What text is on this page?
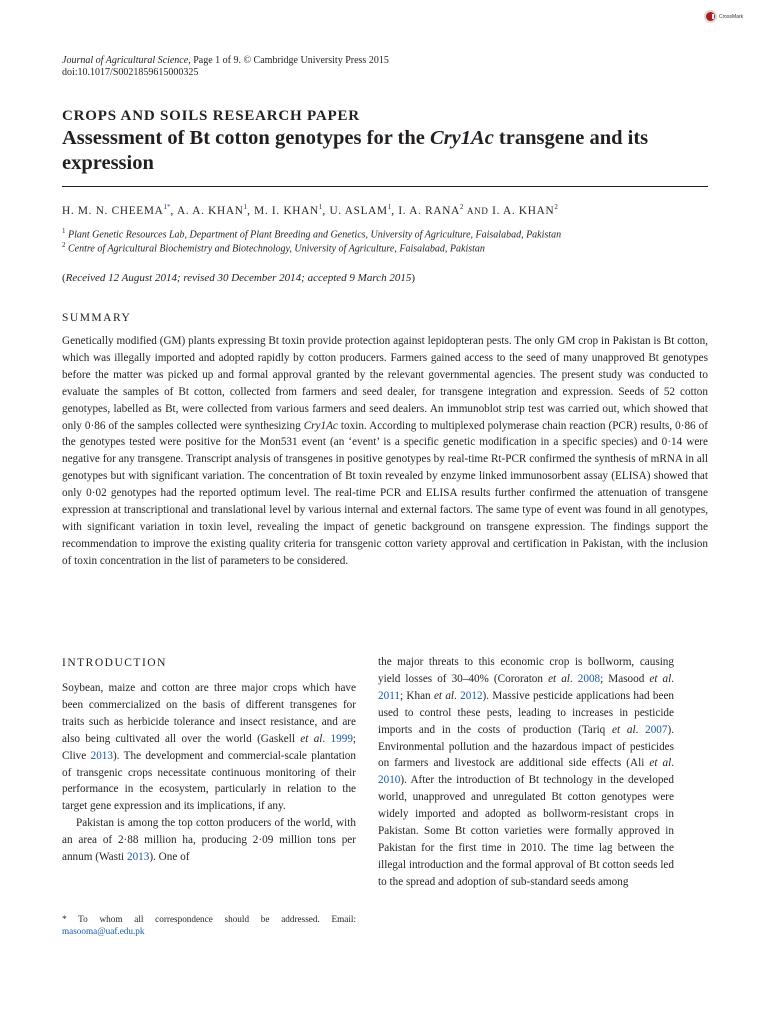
CrossMark
Journal of Agricultural Science, Page 1 of 9. © Cambridge University Press 2015
doi:10.1017/S0021859615000325
CROPS AND SOILS RESEARCH PAPER
Assessment of Bt cotton genotypes for the Cry1Ac transgene and its expression
H. M. N. CHEEMA$^{1*}$, A. A. KHAN$^1$, M. I. KHAN$^1$, U. ASLAM$^1$, I. A. RANA$^2$ AND I. A. KHAN$^2$
$^1$ Plant Genetic Resources Lab, Department of Plant Breeding and Genetics, University of Agriculture, Faisalabad, Pakistan
$^2$ Centre of Agricultural Biochemistry and Biotechnology, University of Agriculture, Faisalabad, Pakistan
(Received 12 August 2014; revised 30 December 2014; accepted 9 March 2015)
SUMMARY

Genetically modified (GM) plants expressing Bt toxin provide protection against lepidopteran pests. The only GM crop in Pakistan is Bt cotton, which was illegally imported and adopted rapidly by cotton producers. Farmers gained access to the seed of many unapproved Bt genotypes before the matter was picked up and formal approval granted by the relevant governmental agencies. The present study was conducted to evaluate the samples of Bt cotton, collected from farmers and seed dealer, for transgene integration and expression. Seeds of 52 cotton genotypes, labelled as Bt, were collected from various farmers and seed dealers. An immunoblot strip test was carried out, which showed that only 0·86 of the samples collected were synthesizing Cry1Ac toxin. According to multiplexed polymerase chain reaction (PCR) results, 0·86 of the genotypes tested were positive for the Mon531 event (an ‘event’ is a specific genetic modification in a specific species) and 0·14 were negative for any transgene. Transcript analysis of transgenes in positive genotypes by real-time Rt-PCR confirmed the synthesis of mRNA in all genotypes but with significant variation. The concentration of Bt toxin revealed by enzyme linked immunosorbent assay (ELISA) showed that only 0·02 genotypes had the reported optimum level. The real-time PCR and ELISA results further confirmed the attenuation of transgene expression at transcriptional and translational level by various internal and external factors. The same type of event was found in all genotypes, with significant variation in toxin level, revealing the impact of genetic background on transgene expression. The findings support the recommendation to improve the existing quality criteria for transgenic cotton variety approval and certification in Pakistan, with the inclusion of toxin concentration in the list of parameters to be considered.

INTRODUCTION

Soybean, maize and cotton are three major crops which have been commercialized on the basis of different transgenes for traits such as herbicide tolerance and insect resistance, and are also being cultivated all over the world (Gaskell et al. 1999; Clive 2013). The development and commercial-scale plantation of transgenic crops necessitate continuous monitoring of their performance in the ecosystem, particularly in relation to the target gene expression and its implications, if any.

Pakistan is among the top cotton producers of the world, with an area of 2·88 million ha, producing 2·09 million tons per annum (Wasti 2013). One of

the major threats to this economic crop is bollworm, causing yield losses of 30–40% (Cororaton et al. 2008; Masood et al. 2011; Khan et al. 2012). Massive pesticide applications had been used to control these pests, leading to increases in pesticide imports and in the costs of production (Tariq et al. 2007). Environmental pollution and the hazardous impact of pesticides on farmers and livestock are additional side effects (Ali et al. 2010). After the introduction of Bt technology in the developed world, unapproved and unregulated Bt cotton genotypes were widely imported and adopted as bollworm-resistant crops in Pakistan. Some Bt cotton varieties were formally approved in Pakistan for the first time in 2010. The time lag between the illegal introduction and the formal approval of Bt cotton seeds led to the spread and adoption of sub-standard seeds among

* To whom all correspondence should be addressed. Email: masooma@uaf.edu.pk
